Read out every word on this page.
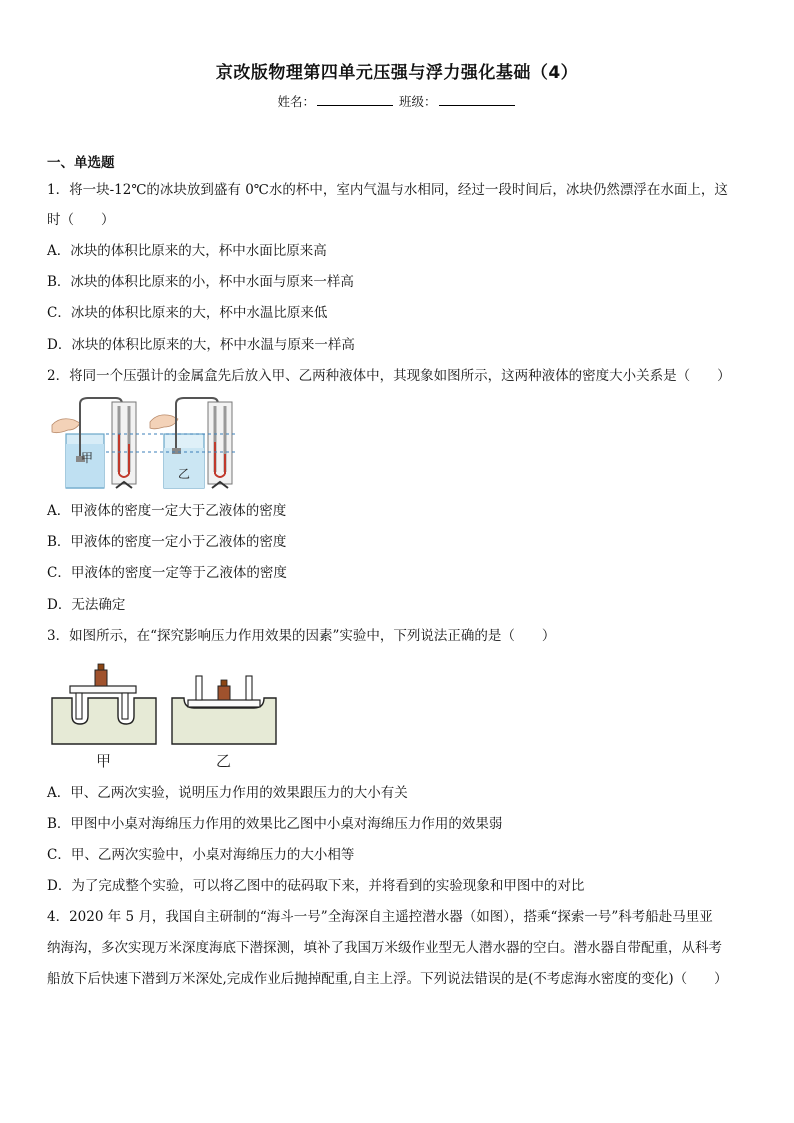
京改版物理第四单元压强与浮力强化基础（4）
姓名：	班级：
一、单选题
1．将一块-12℃的冰块放到盛有 0℃水的杯中，室内气温与水相同，经过一段时间后，冰块仍然漂浮在水面上，这
时（　　）
A．冰块的体积比原来的大，杯中水面比原来高
B．冰块的体积比原来的小，杯中水面与原来一样高
C．冰块的体积比原来的大，杯中水温比原来低
D．冰块的体积比原来的大，杯中水温与原来一样高
2．将同一个压强计的金属盒先后放入甲、乙两种液体中，其现象如图所示，这两种液体的密度大小关系是（　　）
甲
乙
A．甲液体的密度一定大于乙液体的密度
B．甲液体的密度一定小于乙液体的密度
C．甲液体的密度一定等于乙液体的密度
D．无法确定
3．如图所示，在“探究影响压力作用效果的因素”实验中，下列说法正确的是（　　）
甲	乙
A．甲、乙两次实验，说明压力作用的效果跟压力的大小有关
B．甲图中小桌对海绵压力作用的效果比乙图中小桌对海绵压力作用的效果弱
C．甲、乙两次实验中，小桌对海绵压力的大小相等
D．为了完成整个实验，可以将乙图中的砝码取下来，并将看到的实验现象和甲图中的对比
4．2020 年 5 月，我国自主研制的“海斗一号”全海深自主遥控潜水器（如图），搭乘“探索一号”科考船赴马里亚
纳海沟，多次实现万米深度海底下潜探测，填补了我国万米级作业型无人潜水器的空白。潜水器自带配重，从科考
船放下后快速下潜到万米深处,完成作业后抛掉配重,自主上浮。下列说法错误的是(不考虑海水密度的变化)（　　）
